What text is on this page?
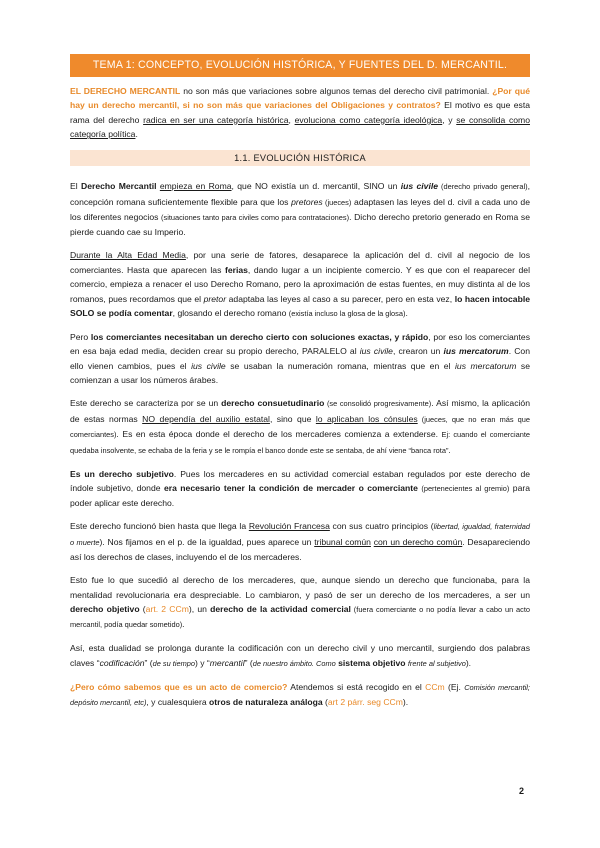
TEMA 1: CONCEPTO, EVOLUCIÓN HISTÓRICA, Y FUENTES DEL D. MERCANTIL.

EL DERECHO MERCANTIL no son más que variaciones sobre algunos temas del derecho civil patrimonial. ¿Por qué hay un derecho mercantil, si no son más que variaciones del Obligaciones y contratos? El motivo es que esta rama del derecho radica en ser una categoría histórica, evoluciona como categoría ideológica, y se consolida como categoría política.

1.1. EVOLUCIÓN HISTÓRICA

El Derecho Mercantil empieza en Roma, que NO existía un d. mercantil, SINO un ius civile (derecho privado general), concepción romana suficientemente flexible para que los pretores (jueces) adaptasen las leyes del d. civil a cada uno de los diferentes negocios (situaciones tanto para civiles como para contrataciones). Dicho derecho pretorio generado en Roma se pierde cuando cae su Imperio.

Durante la Alta Edad Media, por una serie de fatores, desaparece la aplicación del d. civil al negocio de los comerciantes. Hasta que aparecen las ferias, dando lugar a un incipiente comercio. Y es que con el reaparecer del comercio, empieza a renacer el uso Derecho Romano, pero la aproximación de estas fuentes, en muy distinta al de los romanos, pues recordamos que el pretor adaptaba las leyes al caso a su parecer, pero en esta vez, lo hacen intocable SOLO se podía comentar, glosando el derecho romano (existía incluso la glosa de la glosa).

Pero los comerciantes necesitaban un derecho cierto con soluciones exactas, y rápido, por eso los comerciantes en esa baja edad media, deciden crear su propio derecho, PARALELO al ius civile, crearon un ius mercatorum. Con ello vienen cambios, pues el ius civile se usaban la numeración romana, mientras que en el ius mercatorum se comienzan a usar los números árabes.

Este derecho se caracteriza por se un derecho consuetudinario (se consolidó progresivamente). Así mismo, la aplicación de estas normas NO dependía del auxilio estatal, sino que lo aplicaban los cónsules (jueces, que no eran más que comerciantes). Es en esta época donde el derecho de los mercaderes comienza a extenderse. Ej: cuando el comerciante quedaba insolvente, se echaba de la feria y se le rompía el banco donde este se sentaba, de ahí viene “banca rota”.

Es un derecho subjetivo. Pues los mercaderes en su actividad comercial estaban regulados por este derecho de índole subjetivo, donde era necesario tener la condición de mercader o comerciante (pertenecientes al gremio) para poder aplicar este derecho.

Este derecho funcionó bien hasta que llega la Revolución Francesa con sus cuatro principios (libertad, igualdad, fraternidad o muerte). Nos fijamos en el p. de la igualdad, pues aparece un tribunal común con un derecho común. Desapareciendo así los derechos de clases, incluyendo el de los mercaderes.

Esto fue lo que sucedió al derecho de los mercaderes, que, aunque siendo un derecho que funcionaba, para la mentalidad revolucionaria era despreciable. Lo cambiaron, y pasó de ser un derecho de los mercaderes, a ser un derecho objetivo (art. 2 CCm), un derecho de la actividad comercial (fuera comerciante o no podía llevar a cabo un acto mercantil, podía quedar sometido).

Así, esta dualidad se prolonga durante la codificación con un derecho civil y uno mercantil, surgiendo dos palabras claves “codificación” (de su tiempo) y “mercantil” (de nuestro ámbito. Como sistema objetivo frente al subjetivo).

¿Pero cómo sabemos que es un acto de comercio? Atendemos si está recogido en el CCm (Ej. Comisión mercantil; depósito mercantil, etc), y cualesquiera otros de naturaleza análoga (art 2 párr. seg CCm).

2
